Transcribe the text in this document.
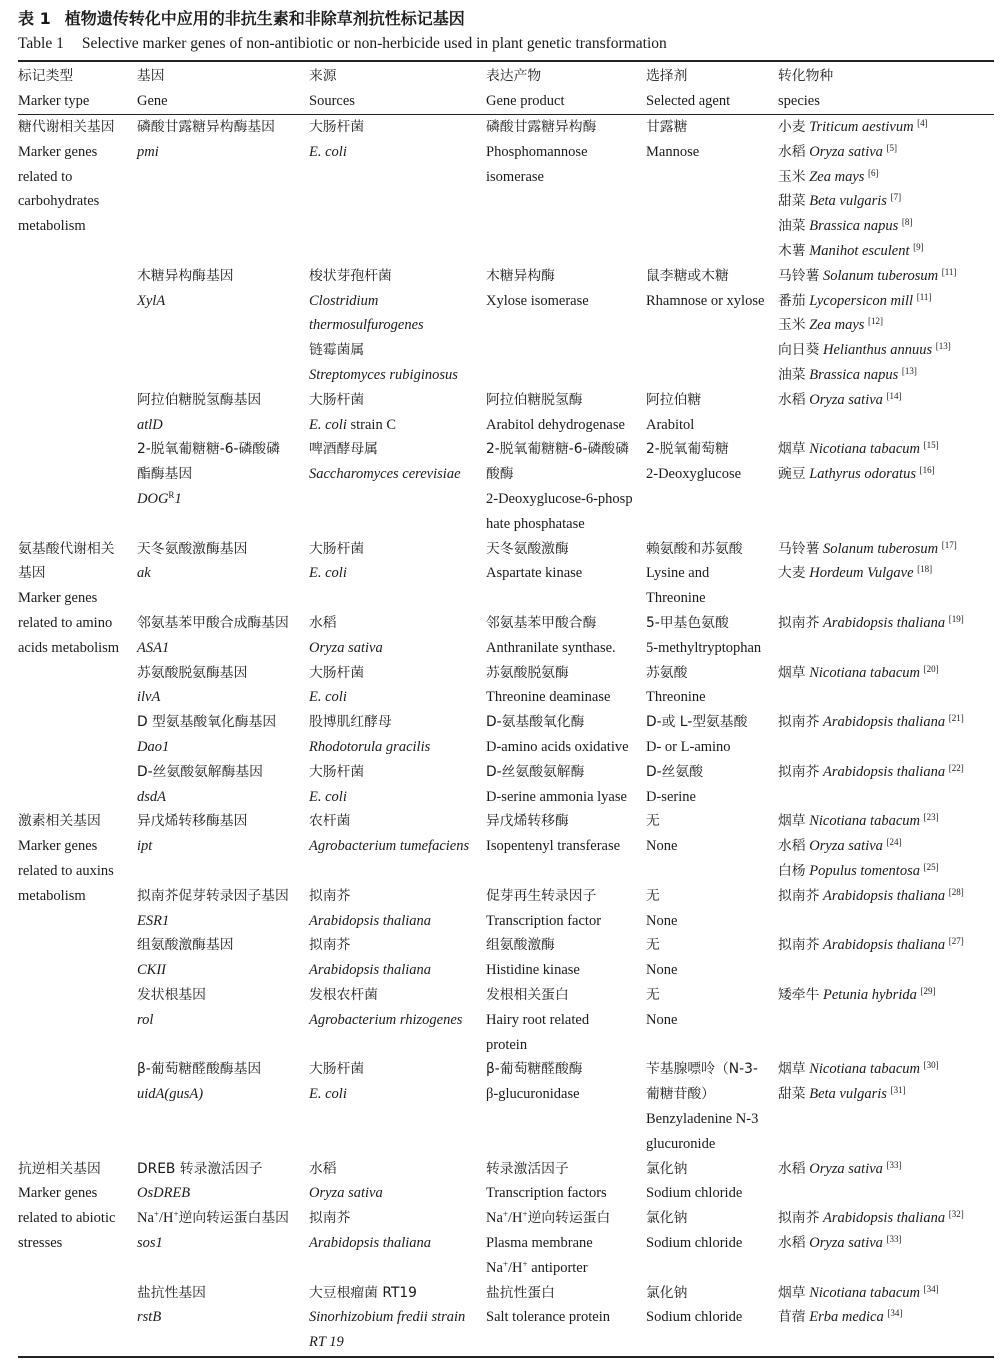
表 1 植物遗传转化中应用的非抗生素和非除草剂抗性标记基因
Table 1 Selective marker genes of non-antibiotic or non-herbicide used in plant genetic transformation
标记类型
Marker type
基因
Gene
来源
Sources
表达产物
Gene product
选择剂
Selected agent
转化物种
species
糖代谢相关基因
Marker genes
related to
carbohydrates
metabolism
氨基酸代谢相关
基因
Marker genes
related to amino
acids metabolism
激素相关基因
Marker genes
related to auxins
metabolism
抗逆相关基因
Marker genes
related to abiotic
stresses
磷酸甘露糖异构酶基因
pmi
大肠杆菌
E. coli
磷酸甘露糖异构酶
Phosphomannose
isomerase
甘露糖
Mannose
小麦 Triticum aestivum [4]
水稻 Oryza sativa [5]
玉米 Zea mays [6]
甜菜 Beta vulgaris [7]
油菜 Brassica napus [8]
木薯 Manihot esculent [9]
木糖异构酶基因
XylA
梭状芽孢杆菌
Clostridium
thermosulfurogenes
链霉菌属
Streptomyces rubiginosus
木糖异构酶
Xylose isomerase
鼠李糖或木糖
Rhamnose or xylose
马铃薯 Solanum tuberosum [11]
番茄 Lycopersicon mill [11]
玉米 Zea mays [12]
向日葵 Helianthus annuus [13]
油菜 Brassica napus [13]
阿拉伯糖脱氢酶基因
atlD
大肠杆菌
E. coli strain C
阿拉伯糖脱氢酶
Arabitol dehydrogenase
阿拉伯糖
Arabitol
水稻 Oryza sativa [14]
2-脱氧葡糖糖-6-磷酸磷
酯酶基因
$DOG^R1$
啤酒酵母属
Saccharomyces cerevisiae
2-脱氧葡糖糖-6-磷酸磷
酸酶
2-Deoxyglucose-6-phosp
hate phosphatase
2-脱氧葡萄糖
2-Deoxyglucose
烟草 Nicotiana tabacum [15]
豌豆 Lathyrus odoratus [16]
天冬氨酸激酶基因
ak
大肠杆菌
E. coli
天冬氨酸激酶
Aspartate kinase
赖氨酸和苏氨酸
Lysine and
Threonine
马铃薯 Solanum tuberosum [17]
大麦 Hordeum Vulgave [18]
邻氨基苯甲酸合成酶基因
ASA1
水稻
Oryza sativa
邻氨基苯甲酸合酶
Anthranilate synthase.
5-甲基色氨酸
5-methyltryptophan
拟南芥 Arabidopsis thaliana [19]
苏氨酸脱氨酶基因
ilvA
大肠杆菌
E. coli
苏氨酸脱氨酶
Threonine deaminase
苏氨酸
Threonine
烟草 Nicotiana tabacum [20]
D 型氨基酸氧化酶基因
Dao1
股博肌红酵母
Rhodotorula gracilis
D-氨基酸氧化酶
D-amino acids oxidative
D-或 L-型氨基酸
D- or L-amino
拟南芥 Arabidopsis thaliana [21]
D-丝氨酸氨解酶基因
dsdA
大肠杆菌
E. coli
D-丝氨酸氨解酶
D-serine ammonia lyase
D-丝氨酸
D-serine
拟南芥 Arabidopsis thaliana [22]
异戊烯转移酶基因
ipt
农杆菌
Agrobacterium tumefaciens
异戊烯转移酶
Isopentenyl transferase
无
None
烟草 Nicotiana tabacum [23]
水稻 Oryza sativa [24]
白杨 Populus tomentosa [25]
拟南芥促芽转录因子基因
ESR1
拟南芥
Arabidopsis thaliana
促芽再生转录因子
Transcription factor
无
None
拟南芥 Arabidopsis thaliana [28]
组氨酸激酶基因
CKII
拟南芥
Arabidopsis thaliana
组氨酸激酶
Histidine kinase
无
None
拟南芥 Arabidopsis thaliana [27]
发状根基因
rol
发根农杆菌
Agrobacterium rhizogenes
发根相关蛋白
Hairy root related
protein
无
None
矮牵牛 Petunia hybrida [29]
β-葡萄糖醛酸酶基因
uidA(gusA)
大肠杆菌
E. coli
β-葡萄糖醛酸酶
β-glucuronidase
苄基腺嘌呤（N-3-
葡糖苷酸）
Benzyladenine N-3
glucuronide
烟草 Nicotiana tabacum [30]
甜菜 Beta vulgaris [31]
DREB 转录激活因子
OsDREB
水稻
Oryza sativa
转录激活因子
Transcription factors
氯化钠
Sodium chloride
水稻 Oryza sativa [33]
Na+/H+逆向转运蛋白基因
sos1
拟南芥
Arabidopsis thaliana
Na+/H+逆向转运蛋白
Plasma membrane
Na+/H+ antiporter
氯化钠
Sodium chloride
拟南芥 Arabidopsis thaliana [32]
水稻 Oryza sativa [33]
盐抗性基因
rstB
大豆根瘤菌 RT19
Sinorhizobium fredii strain
RT 19
盐抗性蛋白
Salt tolerance protein
氯化钠
Sodium chloride
烟草 Nicotiana tabacum [34]
苜蓿 Erba medica [34]
